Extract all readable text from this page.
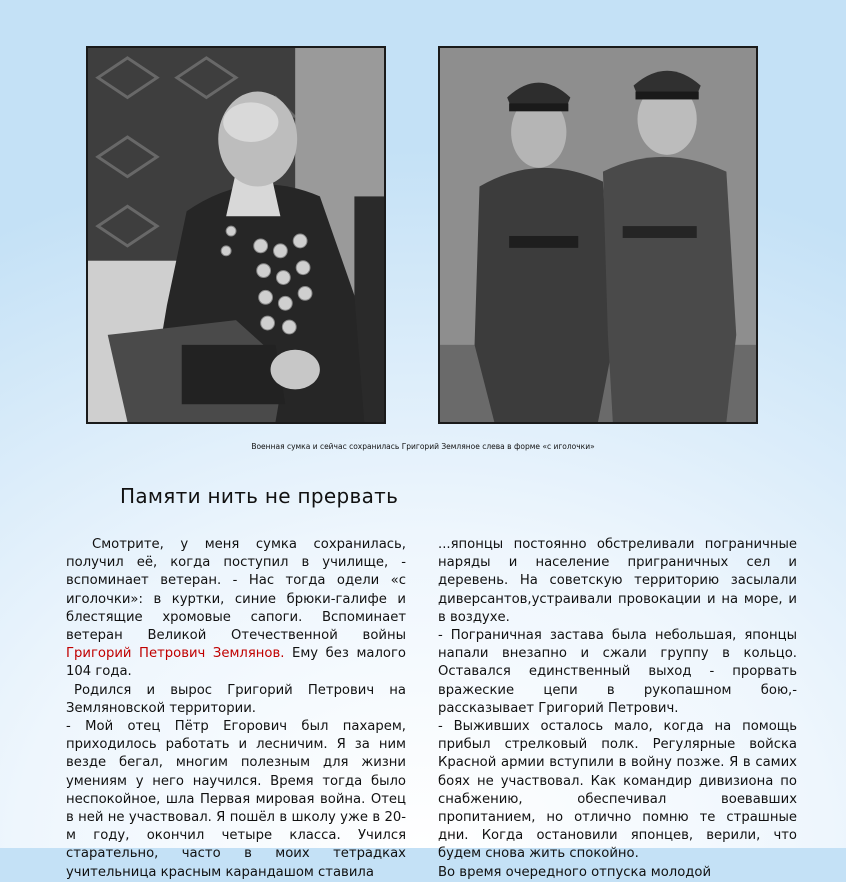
Военная сумка и сейчас сохранилась Григорий Земляное слева в форме «с иголочки»
Памяти нить не прервать

Смотрите, у меня сумка сохранилась, получил её, когда поступил в училище, - вспоминает ветеран. - Нас тогда одели «с иголочки»: в куртки, синие брюки-галифе и блестящие хромовые сапоги. Вспоминает ветеран Великой Отечественной войны Григорий Петрович Землянов. Ему без малого 104 года.

Родился и вырос Григорий Петрович на Земляновской территории.

- Мой отец Пётр Егорович был пахарем, приходилось работать и лесничим. Я за ним везде бегал, многим полезным для жизни умениям у него научился. Время тогда было неспокойное, шла Первая мировая война. Отец в ней не участвовал. Я пошёл в школу уже в 20-м году, окончил четыре класса. Учился старательно, часто в моих тетрадках учительница красным карандашом ставила

...японцы постоянно обстреливали пограничные наряды и население приграничных сел и деревень. На советскую территорию засылали диверсантов,устраивали провокации и на море, и в воздухе.

- Пограничная застава была небольшая, японцы напали внезапно и сжали группу в кольцо. Оставался единственный выход - прорвать вражеские цепи в рукопашном бою,- рассказывает Григорий Петрович.

- Выживших осталось мало, когда на помощь прибыл стрелковый полк. Регулярные войска Красной армии вступили в войну позже. Я в самих боях не участвовал. Как командир дивизиона по снабжению, обеспечивал воевавших пропитанием, но отлично помню те страшные дни. Когда остановили японцев, верили, что будем снова жить спокойно.

Во время очередного отпуска молодой
